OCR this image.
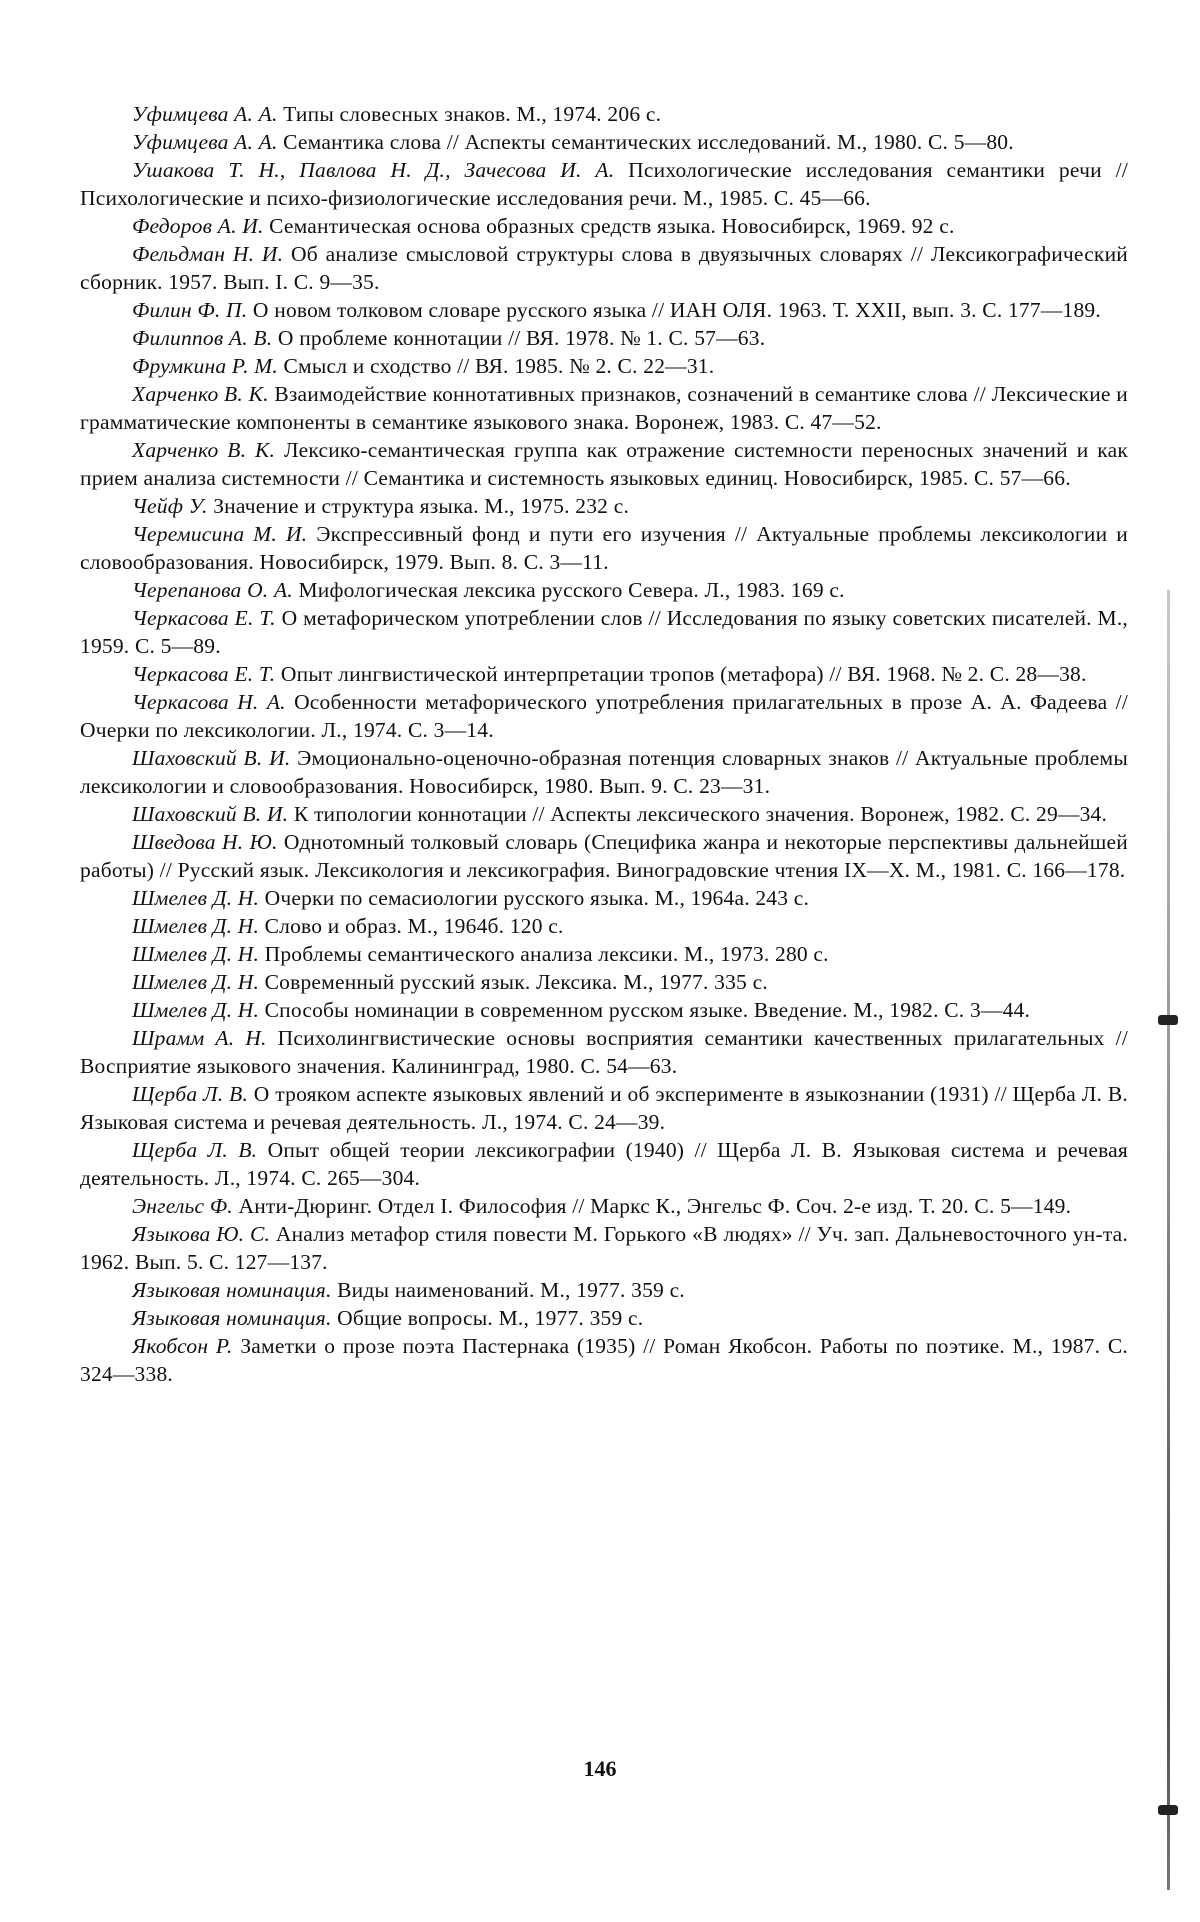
Уфимцева А. А. Типы словесных знаков. М., 1974. 206 с.

Уфимцева А. А. Семантика слова // Аспекты семантических исследований. М., 1980. С. 5—80.

Ушакова Т. Н., Павлова Н. Д., Зачесова И. А. Психологические исследования семантики речи // Психологические и психо-физиологические исследования речи. М., 1985. С. 45—66.

Федоров А. И. Семантическая основа образных средств языка. Новосибирск, 1969. 92 с.

Фельдман Н. И. Об анализе смысловой структуры слова в двуязычных словарях // Лексикографический сборник. 1957. Вып. I. С. 9—35.

Филин Ф. П. О новом толковом словаре русского языка // ИАН ОЛЯ. 1963. Т. XXII, вып. 3. С. 177—189.

Филиппов А. В. О проблеме коннотации // ВЯ. 1978. № 1. С. 57—63.

Фрумкина Р. М. Смысл и сходство // ВЯ. 1985. № 2. С. 22—31.

Харченко В. К. Взаимодействие коннотативных признаков, созначений в семантике слова // Лексические и грамматические компоненты в семантике языкового знака. Воронеж, 1983. С. 47—52.

Харченко В. К. Лексико-семантическая группа как отражение системности переносных значений и как прием анализа системности // Семантика и системность языковых единиц. Новосибирск, 1985. С. 57—66.

Чейф У. Значение и структура языка. М., 1975. 232 с.

Черемисина М. И. Экспрессивный фонд и пути его изучения // Актуальные проблемы лексикологии и словообразования. Новосибирск, 1979. Вып. 8. С. 3—11.

Черепанова О. А. Мифологическая лексика русского Севера. Л., 1983. 169 с.

Черкасова Е. Т. О метафорическом употреблении слов // Исследования по языку советских писателей. М., 1959. С. 5—89.

Черкасова Е. Т. Опыт лингвистической интерпретации тропов (метафора) // ВЯ. 1968. № 2. С. 28—38.

Черкасова Н. А. Особенности метафорического употребления прилагательных в прозе А. А. Фадеева // Очерки по лексикологии. Л., 1974. С. 3—14.

Шаховский В. И. Эмоционально-оценочно-образная потенция словарных знаков // Актуальные проблемы лексикологии и словообразования. Новосибирск, 1980. Вып. 9. С. 23—31.

Шаховский В. И. К типологии коннотации // Аспекты лексического значения. Воронеж, 1982. С. 29—34.

Шведова Н. Ю. Однотомный толковый словарь (Специфика жанра и некоторые перспективы дальнейшей работы) // Русский язык. Лексикология и лексикография. Виноградовские чтения IX—X. М., 1981. С. 166—178.

Шмелев Д. Н. Очерки по семасиологии русского языка. М., 1964а. 243 с.

Шмелев Д. Н. Слово и образ. М., 1964б. 120 с.

Шмелев Д. Н. Проблемы семантического анализа лексики. М., 1973. 280 с.

Шмелев Д. Н. Современный русский язык. Лексика. М., 1977. 335 с.

Шмелев Д. Н. Способы номинации в современном русском языке. Введение. М., 1982. С. 3—44.

Шрамм А. Н. Психолингвистические основы восприятия семантики качественных прилагательных // Восприятие языкового значения. Калининград, 1980. С. 54—63.

Щерба Л. В. О трояком аспекте языковых явлений и об эксперименте в языкознании (1931) // Щерба Л. В. Языковая система и речевая деятельность. Л., 1974. С. 24—39.

Щерба Л. В. Опыт общей теории лексикографии (1940) // Щерба Л. В. Языковая система и речевая деятельность. Л., 1974. С. 265—304.

Энгельс Ф. Анти-Дюринг. Отдел I. Философия // Маркс К., Энгельс Ф. Соч. 2-е изд. Т. 20. С. 5—149.

Языкова Ю. С. Анализ метафор стиля повести М. Горького «В людях» // Уч. зап. Дальневосточного ун-та. 1962. Вып. 5. С. 127—137.

Языковая номинация. Виды наименований. М., 1977. 359 с.

Языковая номинация. Общие вопросы. М., 1977. 359 с.

Якобсон Р. Заметки о прозе поэта Пастернака (1935) // Роман Якобсон. Работы по поэтике. М., 1987. С. 324—338.

146
